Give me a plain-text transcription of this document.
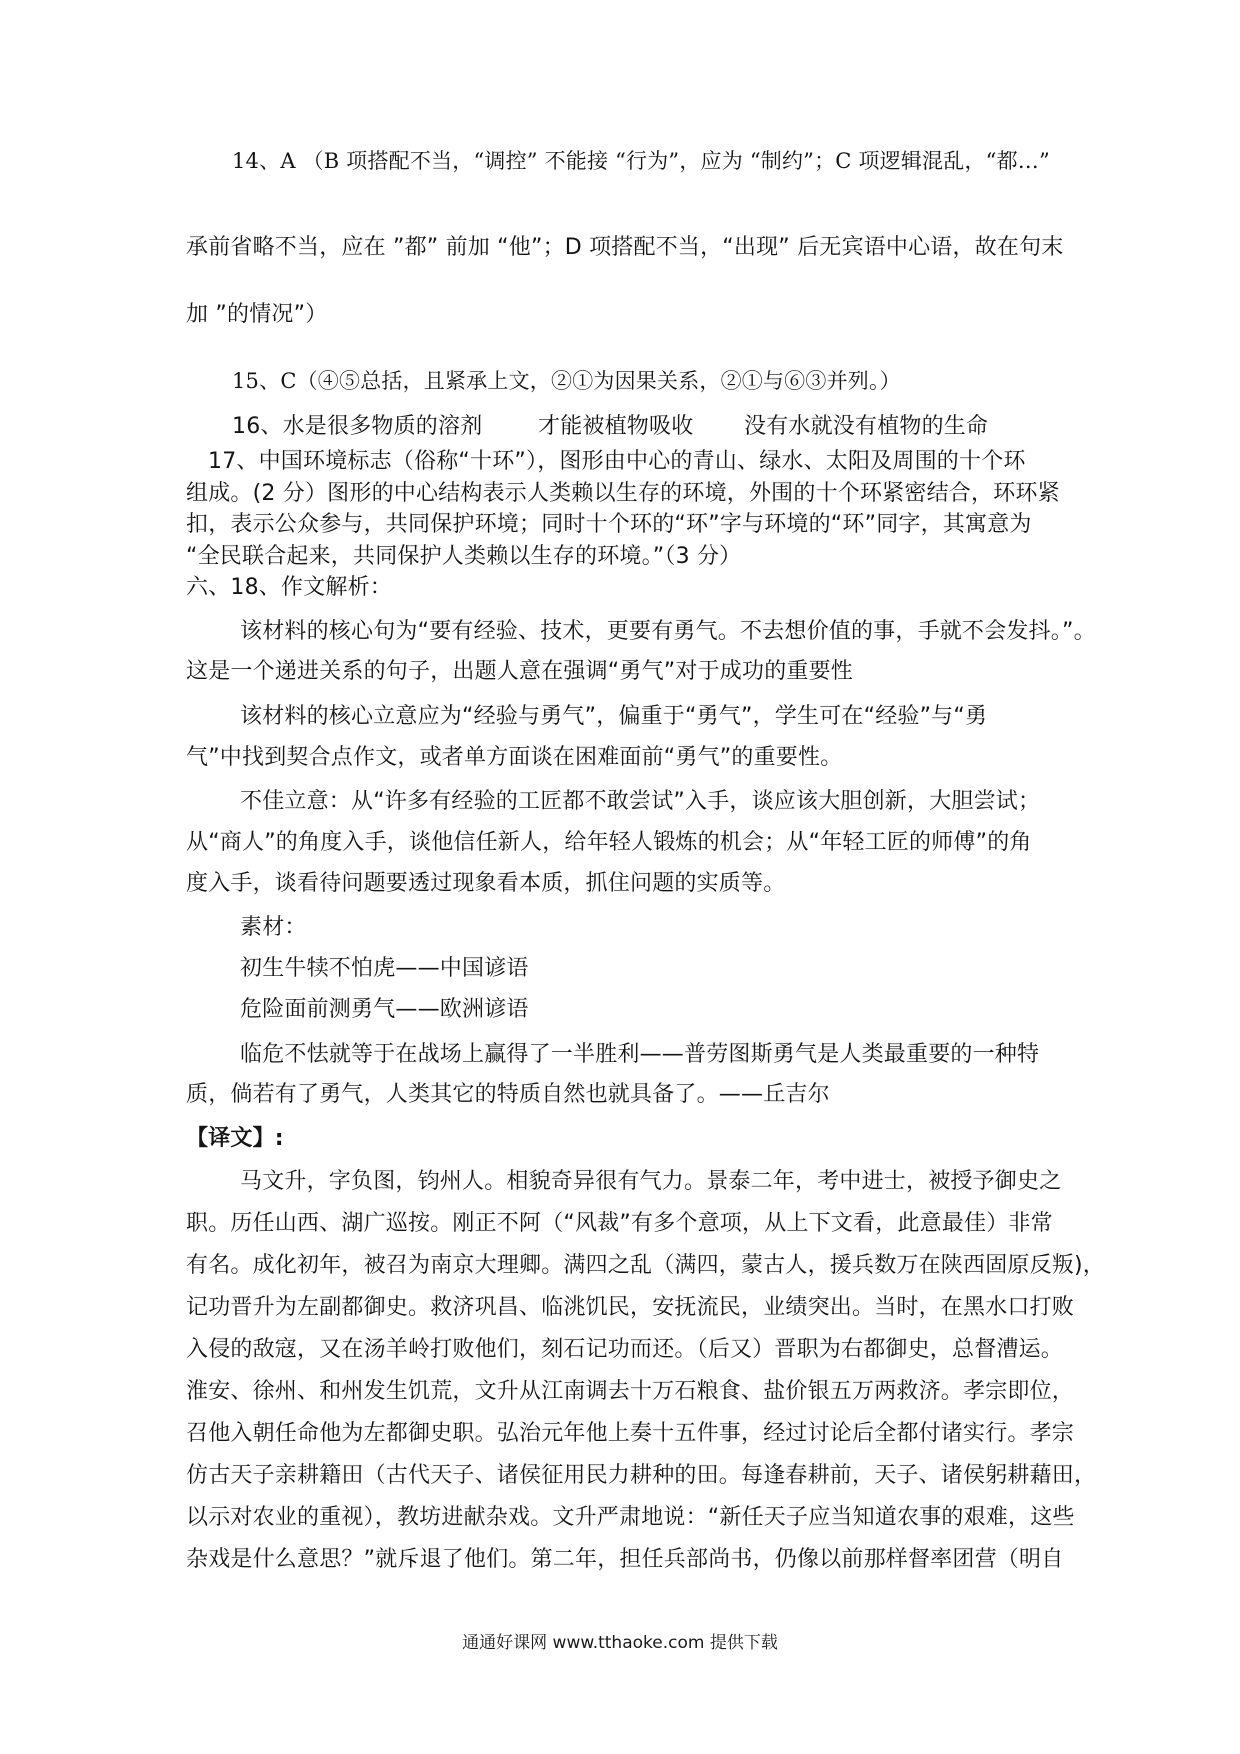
14、A （B 项搭配不当，“调控” 不能接 “行为”，应为 “制约”；C 项逻辑混乱，“都…”
承前省略不当，应在 ”都” 前加 “他”；D 项搭配不当，“出现” 后无宾语中心语，故在句末
加 ”的情况”）
15、C（④⑤总括，且紧承上文，②①为因果关系，②①与⑥③并列。）
16、水是很多物质的溶剂	才能被植物吸收 没有水就没有植物的生命
17、中国环境标志（俗称“十环”），图形由中心的青山、绿水、太阳及周围的十个环
组成。(2 分）图形的中心结构表示人类赖以生存的环境，外围的十个环紧密结合，环环紧
扣，表示公众参与，共同保护环境；同时十个环的“环”字与环境的“环”同字，其寓意为
“全民联合起来，共同保护人类赖以生存的环境。”（3 分）
六、18、作文解析：
该材料的核心句为“要有经验、技术，更要有勇气。不去想价值的事，手就不会发抖。”。
这是一个递进关系的句子，出题人意在强调“勇气”对于成功的重要性
该材料的核心立意应为“经验与勇气”，偏重于“勇气”，学生可在“经验”与“勇
气”中找到契合点作文，或者单方面谈在困难面前“勇气”的重要性。
不佳立意：从“许多有经验的工匠都不敢尝试”入手，谈应该大胆创新，大胆尝试；
从“商人”的角度入手，谈他信任新人，给年轻人锻炼的机会；从“年轻工匠的师傅”的角
度入手，谈看待问题要透过现象看本质，抓住问题的实质等。
素材：
初生牛犊不怕虎——中国谚语
危险面前测勇气——欧洲谚语
临危不怯就等于在战场上赢得了一半胜利——普劳图斯勇气是人类最重要的一种特
质，倘若有了勇气，人类其它的特质自然也就具备了。——丘吉尔
【译文】:
马文升，字负图，钧州人。相貌奇异很有气力。景泰二年，考中进士，被授予御史之
职。历任山西、湖广巡按。刚正不阿（“风裁”有多个意项，从上下文看，此意最佳）非常
有名。成化初年，被召为南京大理卿。满四之乱（满四，蒙古人，援兵数万在陕西固原反叛)，
记功晋升为左副都御史。救济巩昌、临洮饥民，安抚流民，业绩突出。当时，在黑水口打败
入侵的敌寇，又在汤羊岭打败他们，刻石记功而还。（后又）晋职为右都御史，总督漕运。
淮安、徐州、和州发生饥荒，文升从江南调去十万石粮食、盐价银五万两救济。孝宗即位，
召他入朝任命他为左都御史职。弘治元年他上奏十五件事，经过讨论后全都付诸实行。孝宗
仿古天子亲耕籍田（古代天子、诸侯征用民力耕种的田。每逢春耕前，天子、诸侯躬耕藉田，
以示对农业的重视），教坊进献杂戏。文升严肃地说：“新任天子应当知道农事的艰难，这些
杂戏是什么意思？”就斥退了他们。第二年，担任兵部尚书，仍像以前那样督率团营（明自
通通好课网 www.tthaoke.com 提供下载
